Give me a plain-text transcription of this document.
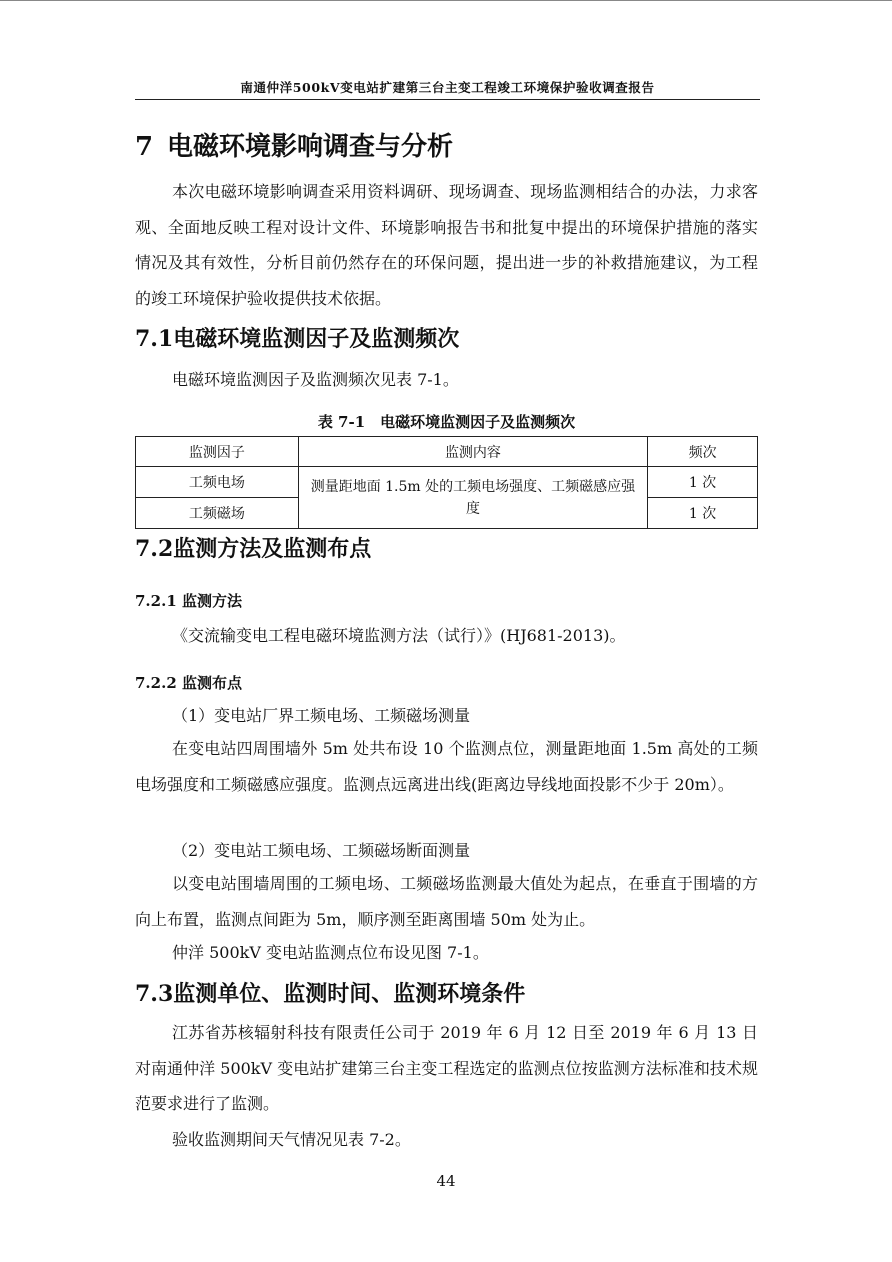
南通仲洋500kV变电站扩建第三台主变工程竣工环境保护验收调查报告
7 电磁环境影响调查与分析
本次电磁环境影响调查采用资料调研、现场调查、现场监测相结合的办法，力求客观、全面地反映工程对设计文件、环境影响报告书和批复中提出的环境保护措施的落实情况及其有效性，分析目前仍然存在的环保问题，提出进一步的补救措施建议，为工程的竣工环境保护验收提供技术依据。
7.1电磁环境监测因子及监测频次
电磁环境监测因子及监测频次见表 7-1。
表 7-1　电磁环境监测因子及监测频次
监测因子	监测内容	频次
工频电场	测量距地面 1.5m 处的工频电场强度、工频磁感应强度	1 次
工频磁场		1 次
7.2监测方法及监测布点
7.2.1 监测方法
《交流输变电工程电磁环境监测方法（试行）》(HJ681-2013)。
7.2.2 监测布点
（1）变电站厂界工频电场、工频磁场测量
在变电站四周围墙外 5m 处共布设 10 个监测点位，测量距地面 1.5m 高处的工频电场强度和工频磁感应强度。监测点远离进出线(距离边导线地面投影不少于 20m）。
（2）变电站工频电场、工频磁场断面测量
以变电站围墙周围的工频电场、工频磁场监测最大值处为起点，在垂直于围墙的方向上布置，监测点间距为 5m，顺序测至距离围墙 50m 处为止。
仲洋 500kV 变电站监测点位布设见图 7-1。
7.3监测单位、监测时间、监测环境条件
江苏省苏核辐射科技有限责任公司于 2019 年 6 月 12 日至 2019 年 6 月 13 日对南通仲洋 500kV 变电站扩建第三台主变工程选定的监测点位按监测方法标准和技术规范要求进行了监测。
验收监测期间天气情况见表 7-2。
44
